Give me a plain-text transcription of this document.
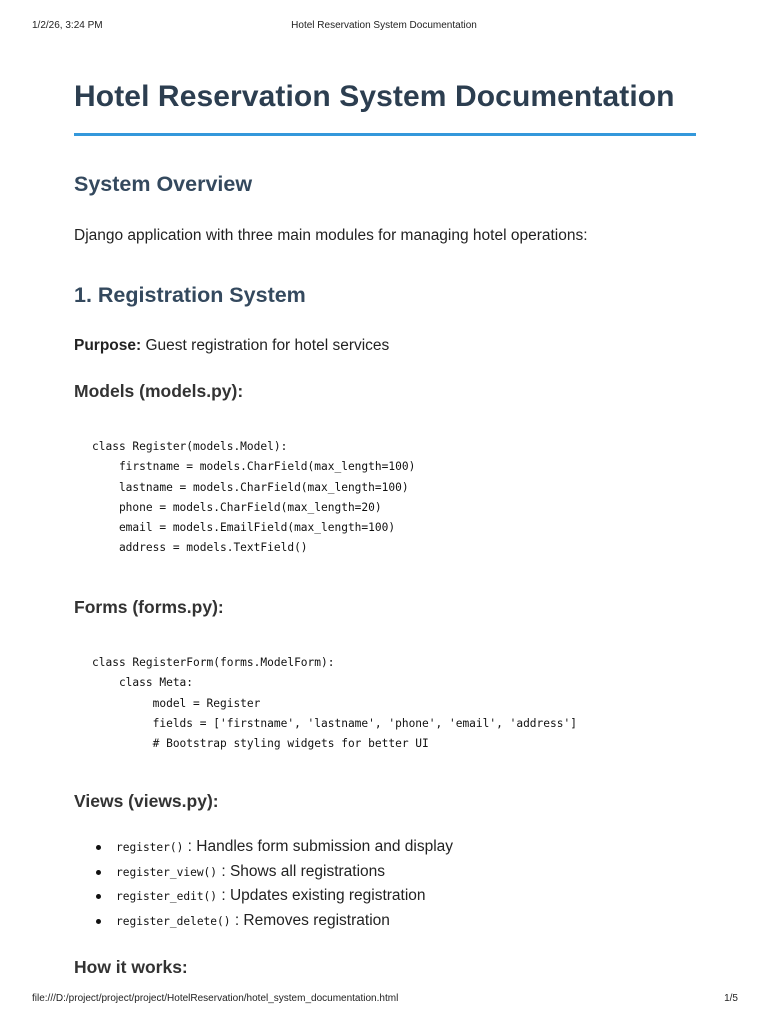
1/2/26, 3:24 PM	Hotel Reservation System Documentation
Hotel Reservation System Documentation
System Overview

Django application with three main modules for managing hotel operations:

1. Registration System

Purpose: Guest registration for hotel services

Models (models.py):
class Register(models.Model):
firstname = models.CharField(max_length=100)
lastname = models.CharField(max_length=100)
phone = models.CharField(max_length=20)
email = models.EmailField(max_length=100)
address = models.TextField()
Forms (forms.py):
class RegisterForm(forms.ModelForm):
class Meta:
model = Register
fields = ['firstname', 'lastname', 'phone', 'email', 'address']
# Bootstrap styling widgets for better UI
Views (views.py):
register() : Handles form submission and display
register_view() : Shows all registrations
register_edit() : Updates existing registration
register_delete() : Removes registration
How it works:
file:///D:/project/project/project/HotelReservation/hotel_system_documentation.html	1/5
